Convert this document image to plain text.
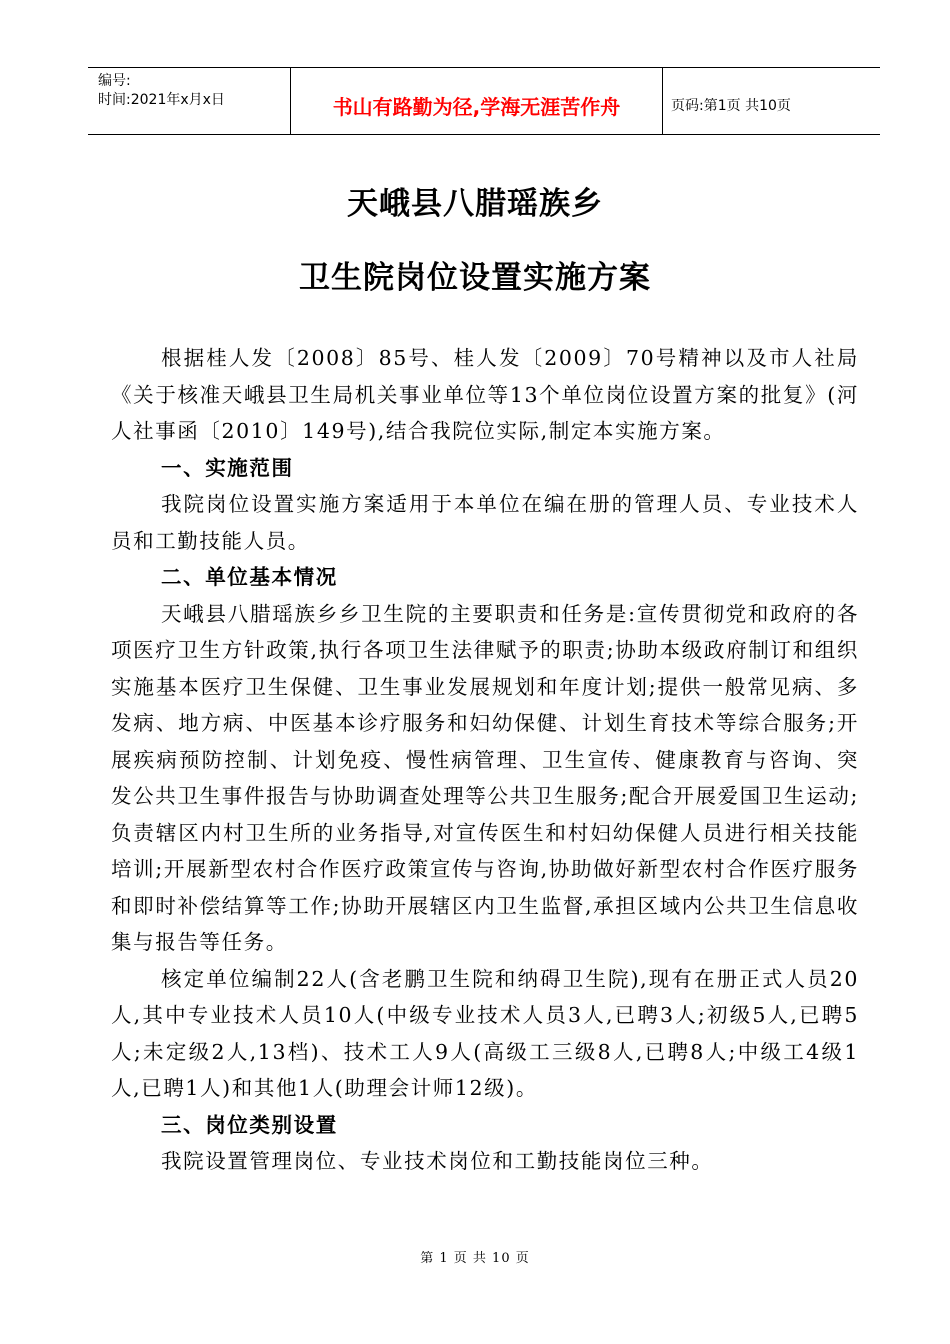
编号:
时间:2021年x月x日	书山有路勤为径,学海无涯苦作舟	页码:第1页 共10页
天峨县八腊瑶族乡
卫生院岗位设置实施方案

根据桂人发〔2008〕85号、桂人发〔2009〕70号精神以及市人社局《关于核准天峨县卫生局机关事业单位等13个单位岗位设置方案的批复》(河人社事函〔2010〕149号),结合我院位实际,制定本实施方案。

一、实施范围

我院岗位设置实施方案适用于本单位在编在册的管理人员、专业技术人员和工勤技能人员。

二、单位基本情况

天峨县八腊瑶族乡乡卫生院的主要职责和任务是:宣传贯彻党和政府的各项医疗卫生方针政策,执行各项卫生法律赋予的职责;协助本级政府制订和组织实施基本医疗卫生保健、卫生事业发展规划和年度计划;提供一般常见病、多发病、地方病、中医基本诊疗服务和妇幼保健、计划生育技术等综合服务;开展疾病预防控制、计划免疫、慢性病管理、卫生宣传、健康教育与咨询、突发公共卫生事件报告与协助调查处理等公共卫生服务;配合开展爱国卫生运动;负责辖区内村卫生所的业务指导,对宣传医生和村妇幼保健人员进行相关技能培训;开展新型农村合作医疗政策宣传与咨询,协助做好新型农村合作医疗服务和即时补偿结算等工作;协助开展辖区内卫生监督,承担区域内公共卫生信息收集与报告等任务。

核定单位编制22人(含老鹏卫生院和纳碍卫生院),现有在册正式人员20人,其中专业技术人员10人(中级专业技术人员3人,已聘3人;初级5人,已聘5人;未定级2人,13档)、技术工人9人(高级工三级8人,已聘8人;中级工4级1人,已聘1人)和其他1人(助理会计师12级)。

三、岗位类别设置

我院设置管理岗位、专业技术岗位和工勤技能岗位三种。

第 1 页 共 10 页
